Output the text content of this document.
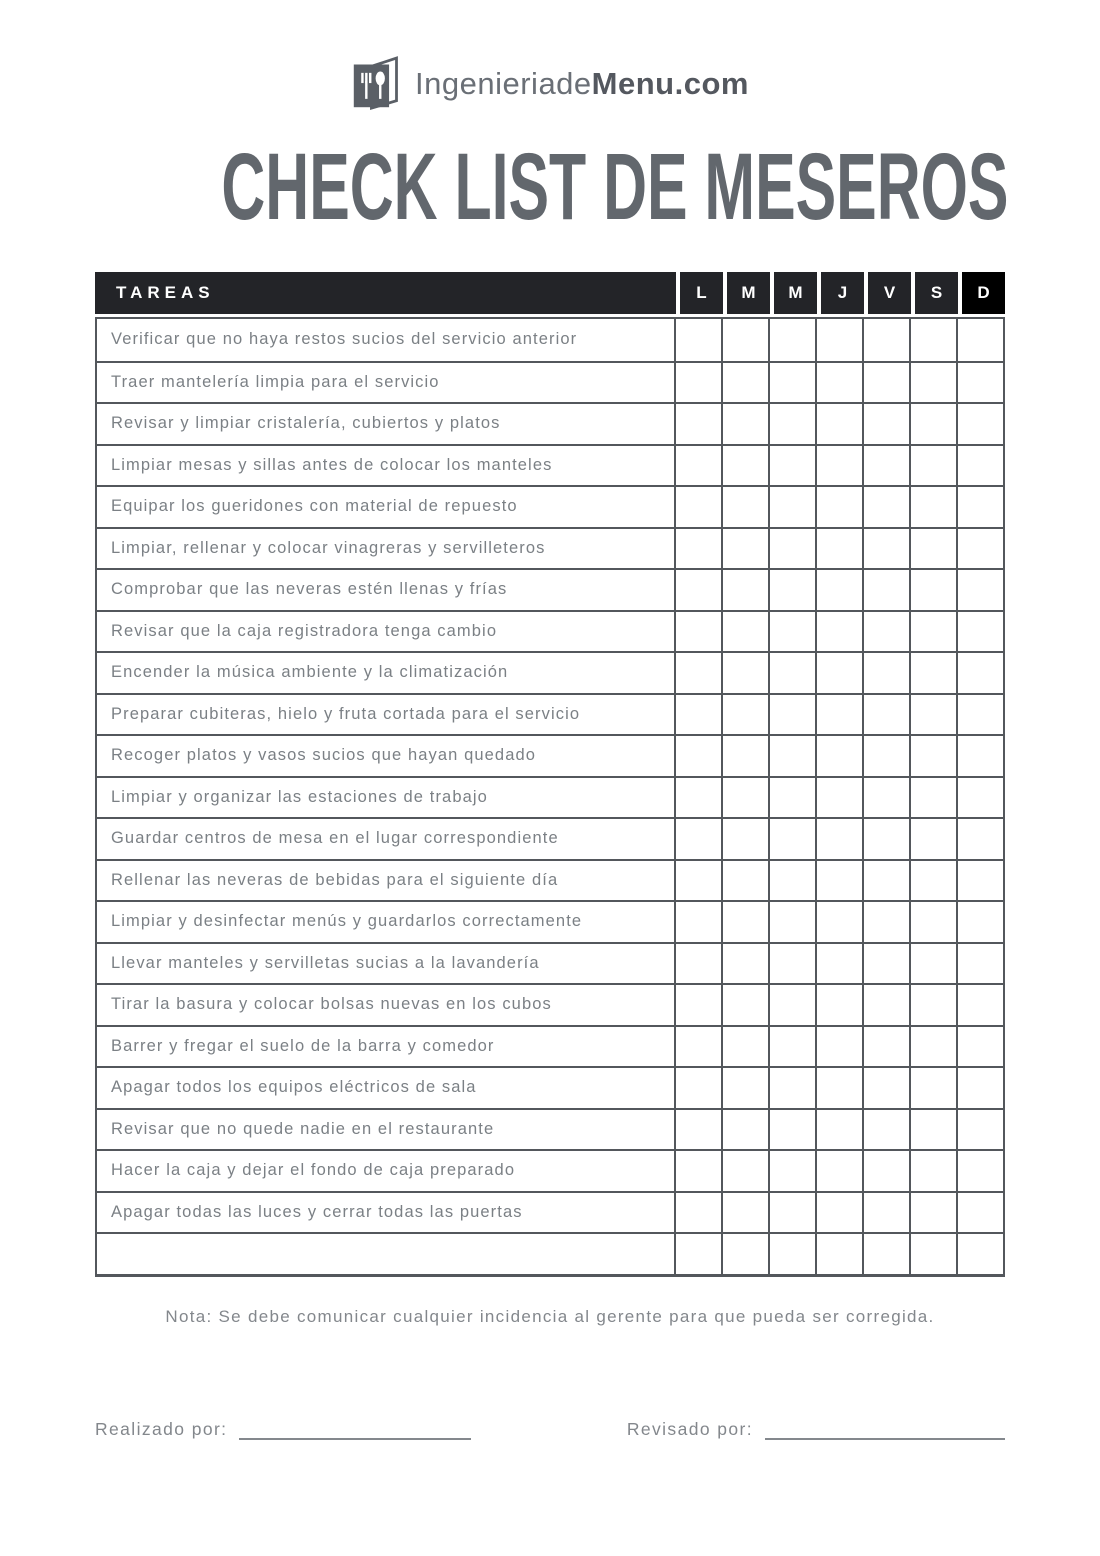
IngenieriadeMenu.com
CHECK LIST DE MESEROS
TAREAS	L	M	M	J	V	S	D
Verificar que no haya restos sucios del servicio anterior
Traer mantelería limpia para el servicio
Revisar y limpiar cristalería, cubiertos y platos
Limpiar mesas y sillas antes de colocar los manteles
Equipar los gueridones con material de repuesto
Limpiar, rellenar y colocar vinagreras y servilleteros
Comprobar que las neveras estén llenas y frías
Revisar que la caja registradora tenga cambio
Encender la música ambiente y la climatización
Preparar cubiteras, hielo y fruta cortada para el servicio
Recoger platos y vasos sucios que hayan quedado
Limpiar y organizar las estaciones de trabajo
Guardar centros de mesa en el lugar correspondiente
Rellenar las neveras de bebidas para el siguiente día
Limpiar y desinfectar menús y guardarlos correctamente
Llevar manteles y servilletas sucias a la lavandería
Tirar la basura y colocar bolsas nuevas en los cubos
Barrer y fregar el suelo de la barra y comedor
Apagar todos los equipos eléctricos de sala
Revisar que no quede nadie en el restaurante
Hacer la caja y dejar el fondo de caja preparado
Apagar todas las luces y cerrar todas las puertas

Nota: Se debe comunicar cualquier incidencia al gerente para que pueda ser corregida.

Realizado por:	Revisado por:
